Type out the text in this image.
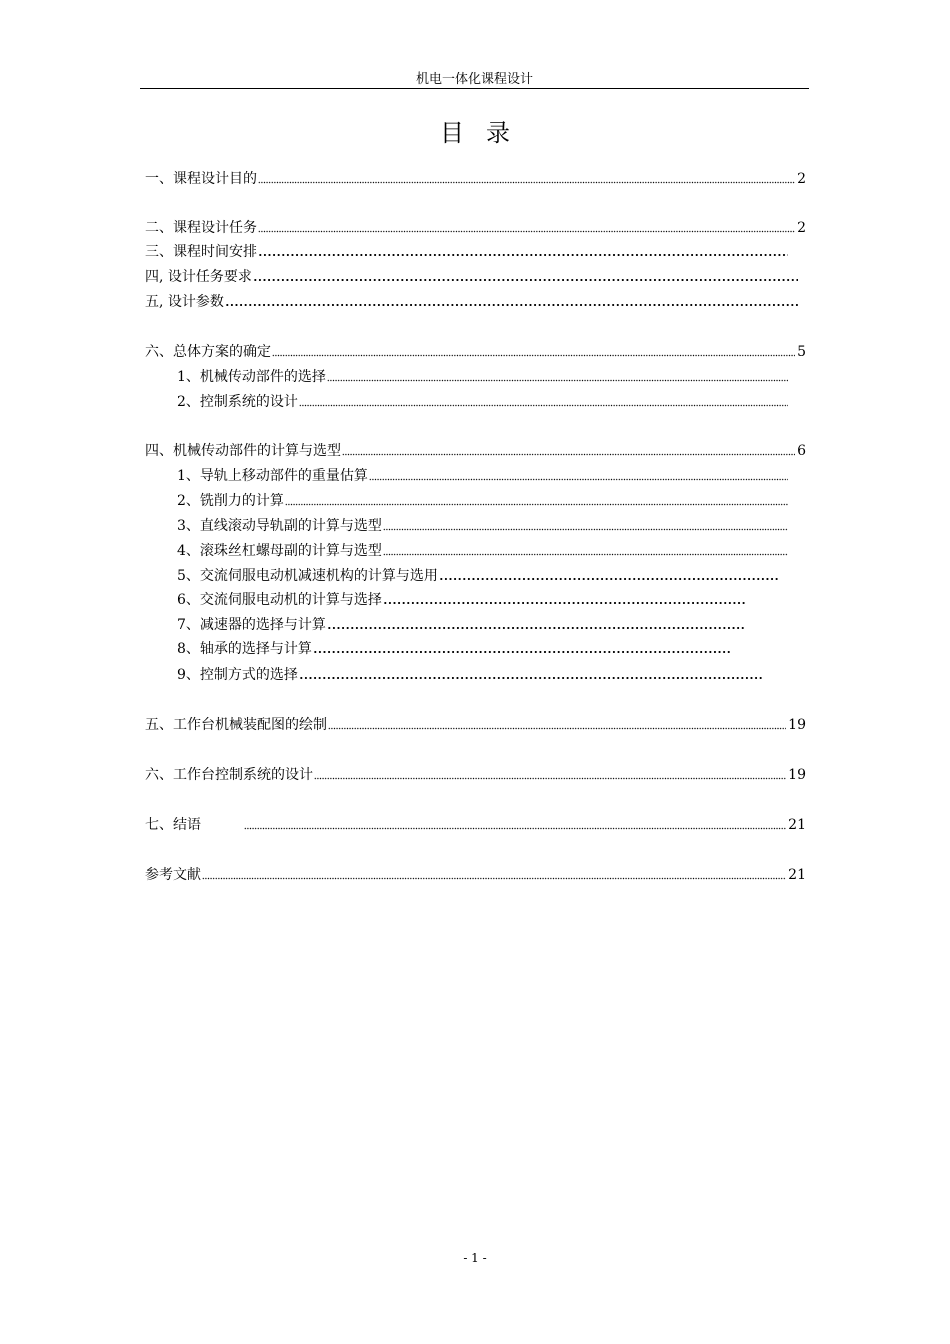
机电一体化课程设计
目录
一、课程设计目的	2
二、课程设计任务	2
三、课程时间安排
四, 设计任务要求
五, 设计参数
六、总体方案的确定	5
1、机械传动部件的选择
2、控制系统的设计
四、机械传动部件的计算与选型	6
1、导轨上移动部件的重量估算
2、铣削力的计算
3、直线滚动导轨副的计算与选型
4、滚珠丝杠螺母副的计算与选型
5、交流伺服电动机减速机构的计算与选用
6、交流伺服电动机的计算与选择
7、减速器的选择与计算
8、轴承的选择与计算
9、控制方式的选择
五、工作台机械装配图的绘制	19
六、工作台控制系统的设计	19
七、结语	21
参考文献	21
- 1 -
